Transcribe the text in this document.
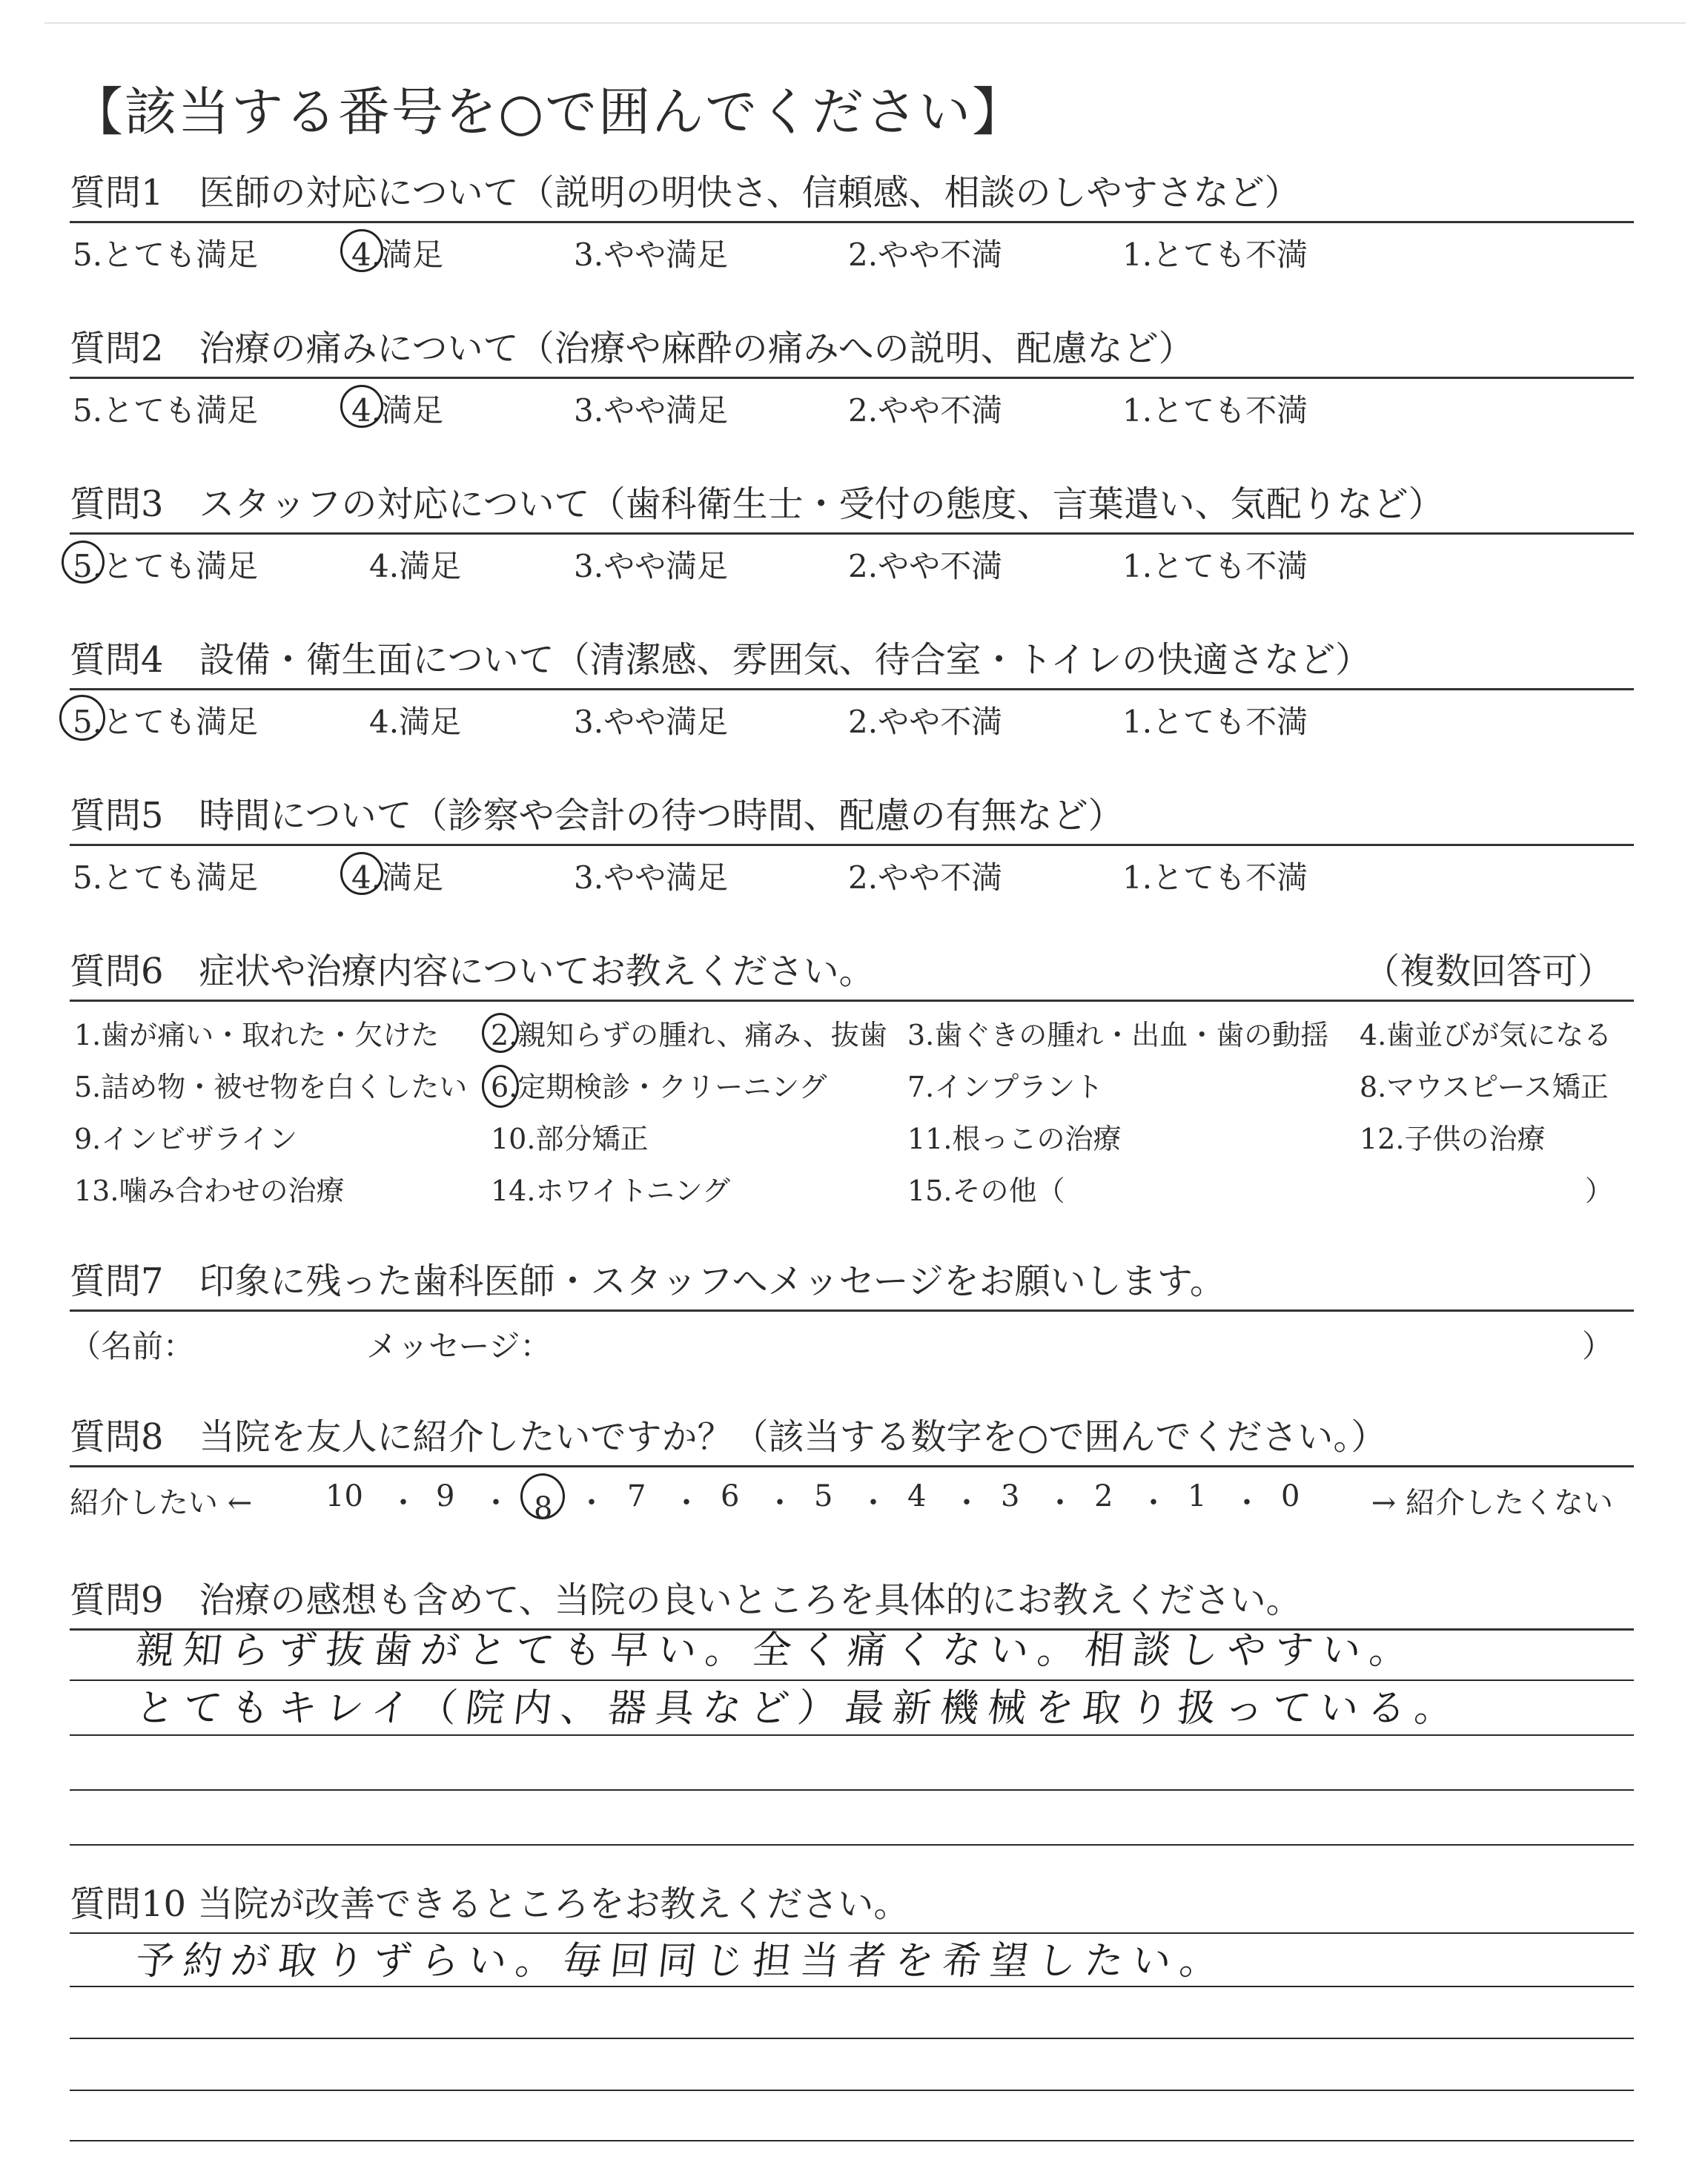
【該当する番号を○で囲んでください】
質問1　医師の対応について（説明の明快さ、信頼感、相談のしやすさなど）
5.とても満足	4.満足	3.やや満足	2.やや不満	1.とても不満
質問2　治療の痛みについて（治療や麻酔の痛みへの説明、配慮など）
5.とても満足	4.満足	3.やや満足	2.やや不満	1.とても不満
質問3　スタッフの対応について（歯科衛生士・受付の態度、言葉遣い、気配りなど）
5.とても満足	4.満足	3.やや満足	2.やや不満	1.とても不満
質問4　設備・衛生面について（清潔感、雰囲気、待合室・トイレの快適さなど）
5.とても満足	4.満足	3.やや満足	2.やや不満	1.とても不満
質問5　時間について（診察や会計の待つ時間、配慮の有無など）
5.とても満足	4.満足	3.やや満足	2.やや不満	1.とても不満
質問6　症状や治療内容についてお教えください。	（複数回答可）
1.歯が痛い・取れた・欠けた 2.親知らずの腫れ、痛み、抜歯 3.歯ぐきの腫れ・出血・歯の動揺 4.歯並びが気になる
5.詰め物・被せ物を白くしたい 6.定期検診・クリーニング	7.インプラント	8.マウスピース矯正
9.インビザライン	10.部分矯正	11.根っこの治療	12.子供の治療
13.噛み合わせの治療	14.ホワイトニング	15.その他（	）
質問7　印象に残った歯科医師・スタッフへメッセージをお願いします。
（名前：	メッセージ：	）
質問8　当院を友人に紹介したいですか？（該当する数字を○で囲んでください。）
紹介したい ← 10 ・ 9 ・ 8 ・ 7 ・ 6 ・ 5 ・ 4 ・ 3 ・ 2 ・ 1 ・ 0 → 紹介したくない
質問9　治療の感想も含めて、当院の良いところを具体的にお教えください。
親知らず抜歯がとても早い。全く痛くない。相談しやすい。
とてもキレイ（院内、器具など）最新機械を取り扱っている。
質問10 当院が改善できるところをお教えください。
予約が取りずらい。毎回同じ担当者を希望したい。
